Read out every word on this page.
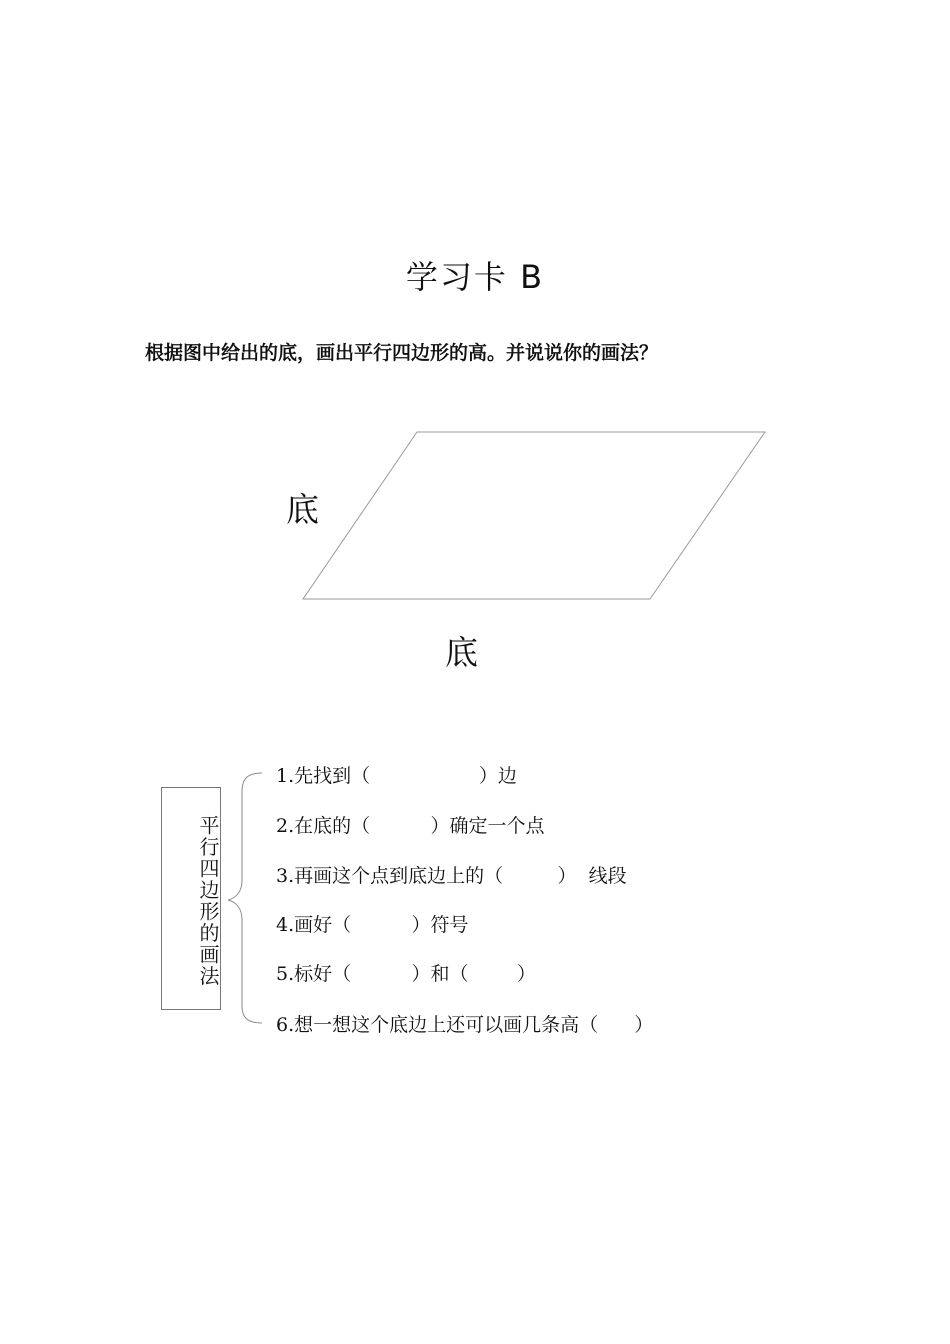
学习卡 B
根据图中给出的底，画出平行四边形的高。并说说你的画法？
底
底
平行四边形的画法
1.先找到（                  ）边
2.在底的（          ）确定一个点
3.再画这个点到底边上的（         ）  线段
4.画好（          ）符号
5.标好（          ）和（        ）
6.想一想这个底边上还可以画几条高（      ）
